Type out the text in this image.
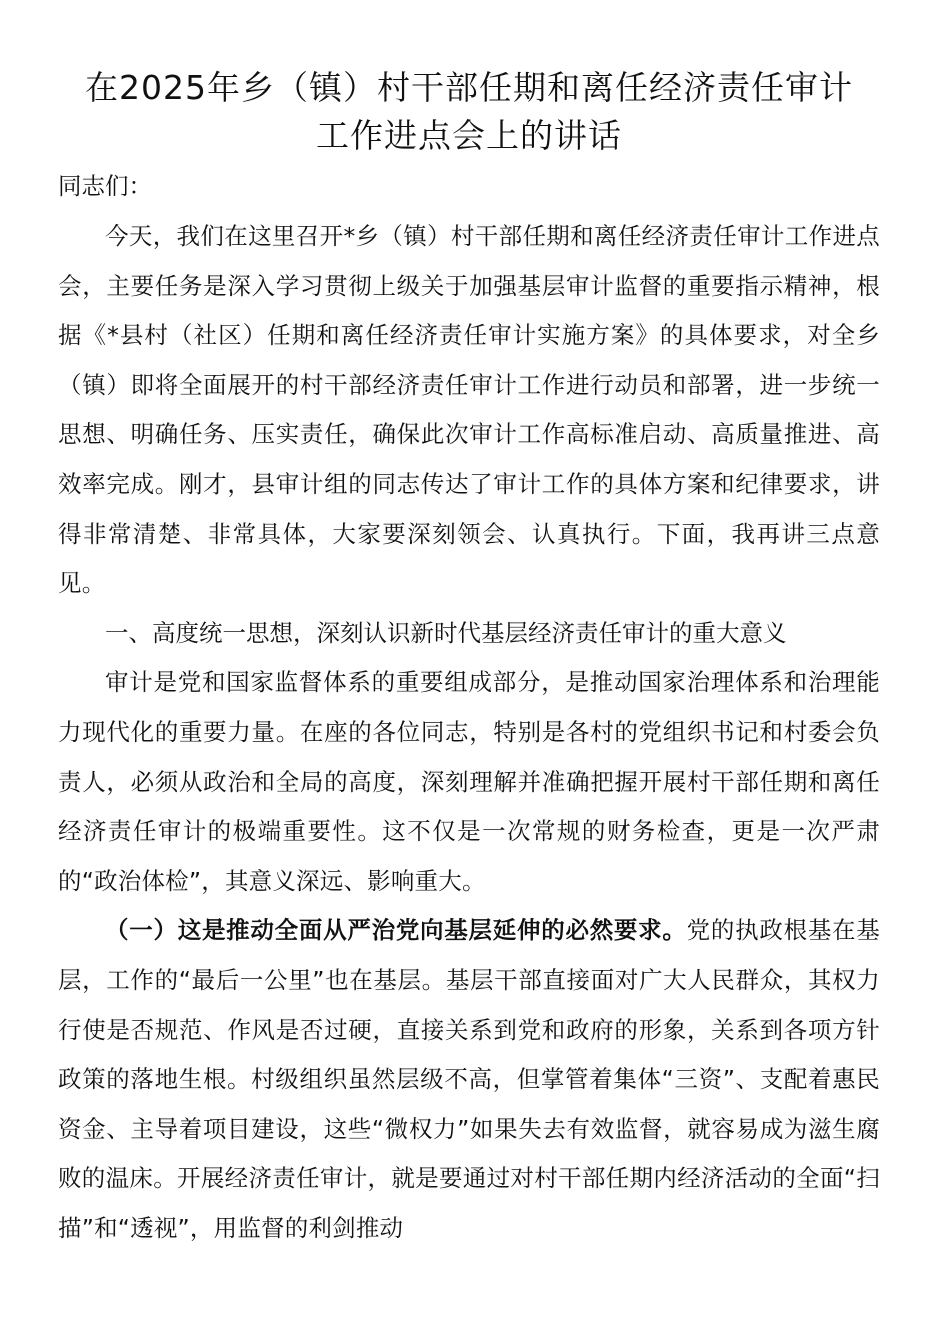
在2025年乡（镇）村干部任期和离任经济责任审计
工作进点会上的讲话

同志们：

今天，我们在这里召开*乡（镇）村干部任期和离任经济责任审计工作进点会，主要任务是深入学习贯彻上级关于加强基层审计监督的重要指示精神，根据《*县村（社区）任期和离任经济责任审计实施方案》的具体要求，对全乡（镇）即将全面展开的村干部经济责任审计工作进行动员和部署，进一步统一思想、明确任务、压实责任，确保此次审计工作高标准启动、高质量推进、高效率完成。刚才，县审计组的同志传达了审计工作的具体方案和纪律要求，讲得非常清楚、非常具体，大家要深刻领会、认真执行。下面，我再讲三点意见。

一、高度统一思想，深刻认识新时代基层经济责任审计的重大意义

审计是党和国家监督体系的重要组成部分，是推动国家治理体系和治理能力现代化的重要力量。在座的各位同志，特别是各村的党组织书记和村委会负责人，必须从政治和全局的高度，深刻理解并准确把握开展村干部任期和离任经济责任审计的极端重要性。这不仅是一次常规的财务检查，更是一次严肃的“政治体检”，其意义深远、影响重大。

（一）这是推动全面从严治党向基层延伸的必然要求。党的执政根基在基层，工作的“最后一公里”也在基层。基层干部直接面对广大人民群众，其权力行使是否规范、作风是否过硬，直接关系到党和政府的形象，关系到各项方针政策的落地生根。村级组织虽然层级不高，但掌管着集体“三资”、支配着惠民资金、主导着项目建设，这些“微权力”如果失去有效监督，就容易成为滋生腐败的温床。开展经济责任审计，就是要通过对村干部任期内经济活动的全面“扫描”和“透视”，用监督的利剑推动
